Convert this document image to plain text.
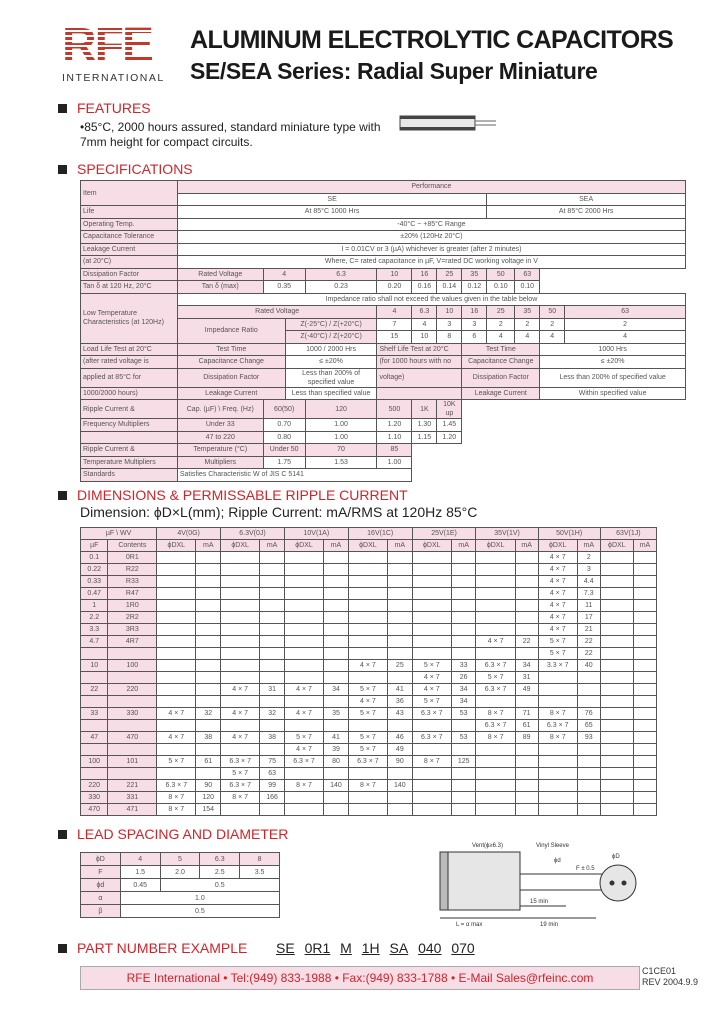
RFE
INTERNATIONAL
ALUMINUM ELECTROLYTIC CAPACITORS
SE/SEA Series: Radial Super Miniature
FEATURES
•85°C, 2000 hours assured, standard miniature type with 7mm height for compact circuits.
SPECIFICATIONS
Item	Performance											
	SE								SEA			
Life	At 85°C 1000 Hrs								At 85°C 2000 Hrs			
Operating Temp.	-40°C ~ +85°C Range											
Capacitance Tolerance	±20% (120Hz 20°C)											
Leakage Current	I = 0.01CV or 3 (µA) whichever is greater (after 2 minutes)											
(at 20°C)	Where, C= rated capacitance in µF, V=rated DC working voltage in V											
Dissipation Factor	Rated Voltage	4		6.3	10	16	25	35	50	63		
Tan δ at 120 Hz, 20°C	Tan δ (max)	0.35		0.23	0.20	0.16	0.14	0.12	0.10	0.10		

Low Temperature
Characteristics (at 120Hz)	Impedance ratio shall not exceed the values given in the table below											
	Rated Voltage				4	6.3	10	16	25	35	50	63
	Impedance Ratio		Z(-25°C) / Z(+20°C)		7	4	3	3	2	2	2	2
			Z(-40°C) / Z(+20°C)		15	10	8	6	4	4	4	4
Load Life Test at 20°C	Test Time		1000 / 2000 Hrs		Shelf Life Test at 20°C			Test Time			1000 Hrs	
(after rated voltage is	Capacitance Change		≤ ±20%		(for 1000 hours with no			Capacitance Change			≤ ±20%	
applied at 85°C for	Dissipation Factor		Less than 200% of specified value		voltage)			Dissipation Factor			Less than 200% of specified value	
1000/2000 hours)	Leakage Current		Less than specified value					Leakage Current			Within specified value	
Ripple Current &	Cap. (µF) \ Freq. (Hz)	60(50)		120	500	1K	10K up					
Frequency Multipliers	Under 33	0.70		1.00	1.20	1.30	1.45					
	47 to 220	0.80		1.00	1.10	1.15	1.20					
Ripple Current &	Temperature (°C)	Under 50		70	85							
Temperature Multipliers	Multipliers	1.75		1.53	1.00							
Standards	Satisfies Characteristic W of JIS C 5141											
DIMENSIONS & PERMISSABLE RIPPLE CURRENT
Dimension: ϕD×L(mm); Ripple Current: mA/RMS at 120Hz 85°C
µF \ WV		4V(0G)		6.3V(0J)		10V(1A)		16V(1C)		25V(1E)		35V(1V)		50V(1H)		63V(1J)	
µF	Contents	ϕDXL	mA	ϕDXL	mA	ϕDXL	mA	ϕDXL	mA	ϕDXL	mA	ϕDXL	mA	ϕDXL	mA	ϕDXL	mA
0.1	0R1													4 × 7	2		
0.22	R22													4 × 7	3		
0.33	R33													4 × 7	4.4		
0.47	R47													4 × 7	7.3		
1	1R0													4 × 7	11		
2.2	2R2													4 × 7	17		
3.3	3R3													4 × 7	21		
4.7	4R7											4 × 7	22	5 × 7	22		
														5 × 7	22		
10	100							4 × 7	25	5 × 7	33	6.3 × 7	34	3.3 × 7	40		
										4 × 7	26	5 × 7	31				
22	220			4 × 7	31	4 × 7	34	5 × 7	41	4 × 7	34	6.3 × 7	49				
								4 × 7	36	5 × 7	34						
33	330	4 × 7	32	4 × 7	32	4 × 7	35	5 × 7	43	6.3 × 7	53	8 × 7	71	8 × 7	76		
												6.3 × 7	61	6.3 × 7	65		
47	470	4 × 7	38	4 × 7	38	5 × 7	41	5 × 7	46	6.3 × 7	53	8 × 7	89	8 × 7	93		
						4 × 7	39	5 × 7	49								
100	101	5 × 7	61	6.3 × 7	75	6.3 × 7	80	6.3 × 7	90	8 × 7	125						
				5 × 7	63												
220	221	6.3 × 7	90	6.3 × 7	99	8 × 7	140	8 × 7	140								
330	331	8 × 7	120	8 × 7	166												
470	471	8 × 7	154														
LEAD SPACING AND DIAMETER
ϕD	4	5	6.3	8
F	1.5	2.0	2.5	3.5
ϕd	0.45	0.5		
α	1.0			
β	0.5			
Vent(ϕ≥6.3)	Vinyl Sleeve
ϕd
F ± 0.5
ϕD
L = α max
15 min
19 min
PART NUMBER EXAMPLE SE 0R1 M 1H SA 040 070
RFE International • Tel:(949) 833-1988 • Fax:(949) 833-1788 • E-Mail Sales@rfeinc.com	C1CE01
REV 2004.9.9
